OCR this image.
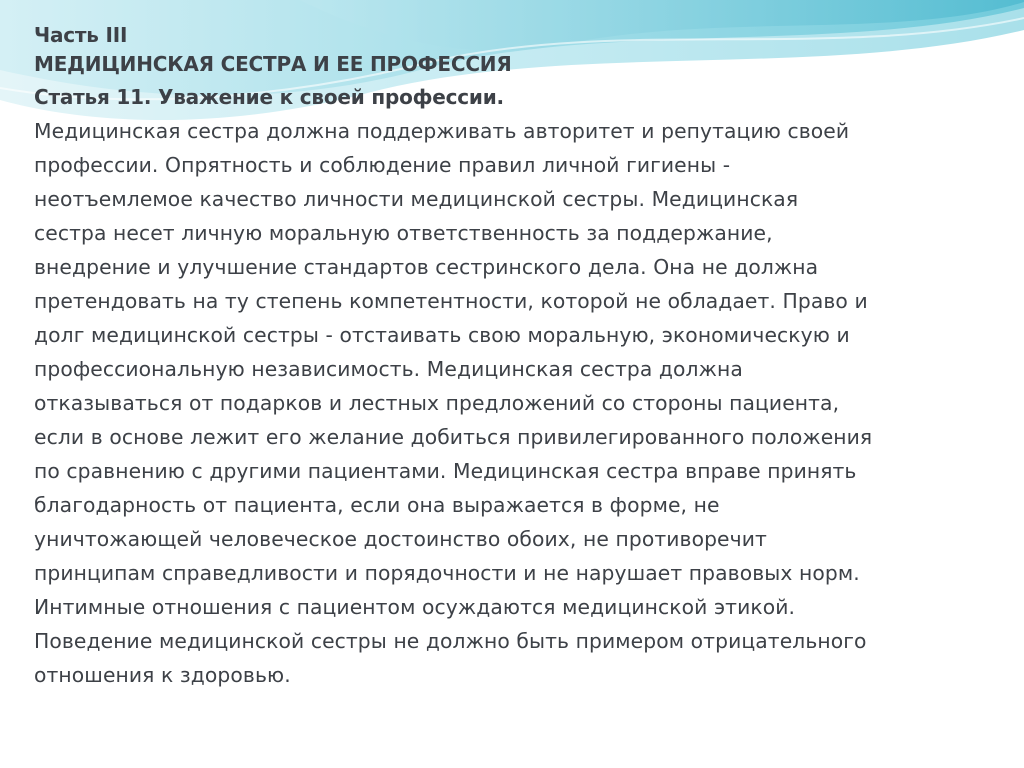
Часть III

МЕДИЦИНСКАЯ СЕСТРА И ЕЕ ПРОФЕССИЯ

Статья 11. Уважение к своей профессии.

Медицинская сестра должна поддерживать авторитет и репутацию своей

профессии. Опрятность и соблюдение правил личной гигиены -

неотъемлемое качество личности медицинской сестры. Медицинская

сестра несет личную моральную ответственность за поддержание,

внедрение и улучшение стандартов сестринского дела. Она не должна

претендовать на ту степень компетентности, которой не обладает. Право и

долг медицинской сестры - отстаивать свою моральную, экономическую и

профессиональную независимость. Медицинская сестра должна

отказываться от подарков и лестных предложений со стороны пациента,

если в основе лежит его желание добиться привилегированного положения

по сравнению с другими пациентами. Медицинская сестра вправе принять

благодарность от пациента, если она выражается в форме, не

уничтожающей человеческое достоинство обоих, не противоречит

принципам справедливости и порядочности и не нарушает правовых норм.

Интимные отношения с пациентом осуждаются медицинской этикой.

Поведение медицинской сестры не должно быть примером отрицательного

отношения к здоровью.
